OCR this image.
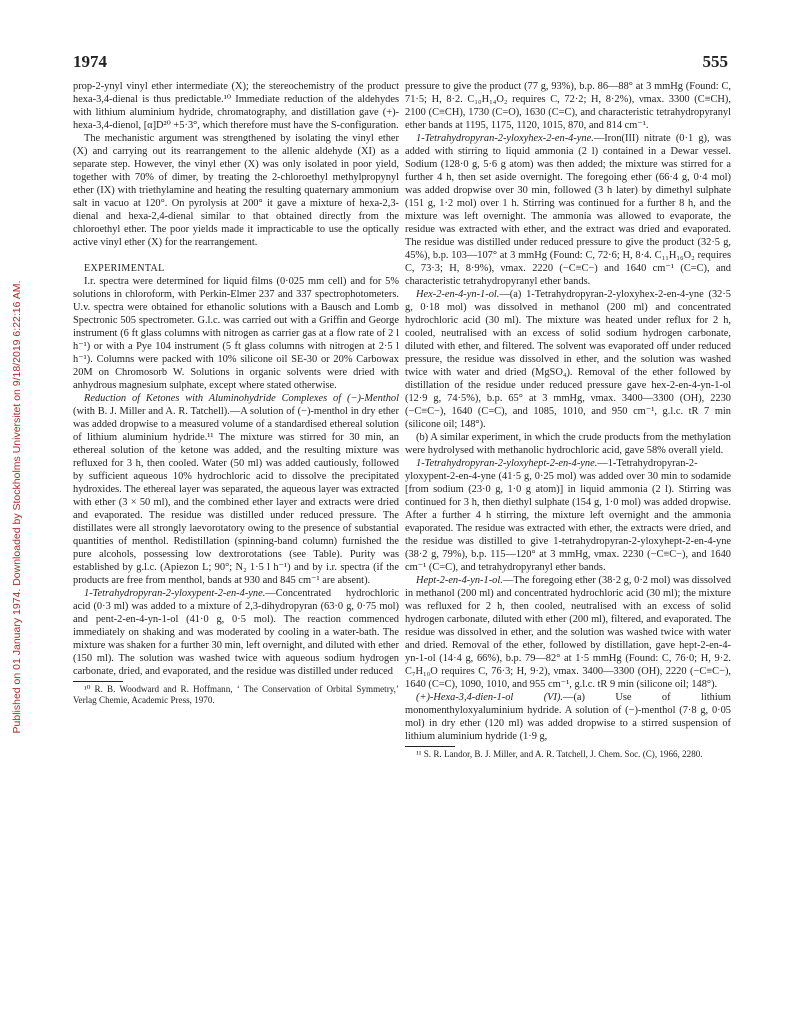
1974	555
Published on 01 January 1974. Downloaded by Stockholms Universitet on 9/18/2019 6:22:16 AM.

prop-2-ynyl vinyl ether intermediate (X); the stereochemistry of the product hexa-3,4-dienal is thus predictable.¹⁰ Immediate reduction of the aldehydes with lithium aluminium hydride, chromatography, and distillation gave (+)-hexa-3,4-dienol, [α]D²⁰ +5·3°, which therefore must have the S-configuration.

The mechanistic argument was strengthened by isolating the vinyl ether (X) and carrying out its rearrangement to the allenic aldehyde (XI) as a separate step. However, the vinyl ether (X) was only isolated in poor yield, together with 70% of dimer, by treating the 2-chloroethyl methylpropynyl ether (IX) with triethylamine and heating the resulting quaternary ammonium salt in vacuo at 120°. On pyrolysis at 200° it gave a mixture of hexa-2,3-dienal and hexa-2,4-dienal similar to that obtained directly from the chloroethyl ether. The poor yields made it impracticable to use the optically active vinyl ether (X) for the rearrangement.

EXPERIMENTAL

I.r. spectra were determined for liquid films (0·025 mm cell) and for 5% solutions in chloroform, with Perkin-Elmer 237 and 337 spectrophotometers. U.v. spectra were obtained for ethanolic solutions with a Bausch and Lomb Spectronic 505 spectrometer. G.l.c. was carried out with a Griffin and George instrument (6 ft glass columns with nitrogen as carrier gas at a flow rate of 2 l h⁻¹) or with a Pye 104 instrument (5 ft glass columns with nitrogen at 2·5 l h⁻¹). Columns were packed with 10% silicone oil SE-30 or 20% Carbowax 20M on Chromosorb W. Solutions in organic solvents were dried with anhydrous magnesium sulphate, except where stated otherwise.

Reduction of Ketones with Aluminohydride Complexes of (−)-Menthol (with B. J. Miller and A. R. Tatchell).—A solution of (−)-menthol in dry ether was added dropwise to a measured volume of a standardised ethereal solution of lithium aluminium hydride.¹¹ The mixture was stirred for 30 min, an ethereal solution of the ketone was added, and the resulting mixture was refluxed for 3 h, then cooled. Water (50 ml) was added cautiously, followed by sufficient aqueous 10% hydrochloric acid to dissolve the precipitated hydroxides. The ethereal layer was separated, the aqueous layer was extracted with ether (3 × 50 ml), and the combined ether layer and extracts were dried and evaporated. The residue was distilled under reduced pressure. The distillates were all strongly laevorotatory owing to the presence of substantial quantities of menthol. Redistillation (spinning-band column) furnished the pure alcohols, possessing low dextrorotations (see Table). Purity was established by g.l.c. (Apiezon L; 90°; N₂ 1·5 l h⁻¹) and by i.r. spectra (if the products are free from menthol, bands at 930 and 845 cm⁻¹ are absent).

1-Tetrahydropyran-2-yloxypent-2-en-4-yne.—Concentrated hydrochloric acid (0·3 ml) was added to a mixture of 2,3-dihydropyran (63·0 g, 0·75 mol) and pent-2-en-4-yn-1-ol (41·0 g, 0·5 mol). The reaction commenced immediately on shaking and was moderated by cooling in a water-bath. The mixture was shaken for a further 30 min, left overnight, and diluted with ether (150 ml). The solution was washed twice with aqueous sodium hydrogen carbonate, dried, and evaporated, and the residue was distilled under reduced

¹⁰ R. B. Woodward and R. Hoffmann, ‘ The Conservation of Orbital Symmetry,’ Verlag Chemie, Academic Press, 1970.

pressure to give the product (77 g, 93%), b.p. 86—88° at 3 mmHg (Found: C, 71·5; H, 8·2. C₁₀H₁₄O₂ requires C, 72·2; H, 8·2%), νmax. 3300 (C≡CH), 2100 (C≡CH), 1730 (C=O), 1630 (C=C), and characteristic tetrahydropyranyl ether bands at 1195, 1175, 1120, 1015, 870, and 814 cm⁻¹.

1-Tetrahydropyran-2-yloxyhex-2-en-4-yne.—Iron(III) nitrate (0·1 g), was added with stirring to liquid ammonia (2 l) contained in a Dewar vessel. Sodium (128·0 g, 5·6 g atom) was then added; the mixture was stirred for a further 4 h, then set aside overnight. The foregoing ether (66·4 g, 0·4 mol) was added dropwise over 30 min, followed (3 h later) by dimethyl sulphate (151 g, 1·2 mol) over 1 h. Stirring was continued for a further 8 h, and the mixture was left overnight. The ammonia was allowed to evaporate, the residue was extracted with ether, and the extract was dried and evaporated. The residue was distilled under reduced pressure to give the product (32·5 g, 45%), b.p. 103—107° at 3 mmHg (Found: C, 72·6; H, 8·4. C₁₁H₁₆O₂ requires C, 73·3; H, 8·9%), νmax. 2220 (−C≡C−) and 1640 cm⁻¹ (C=C), and characteristic tetrahydropyranyl ether bands.

Hex-2-en-4-yn-1-ol.—(a) 1-Tetrahydropyran-2-yloxyhex-2-en-4-yne (32·5 g, 0·18 mol) was dissolved in methanol (200 ml) and concentrated hydrochloric acid (30 ml). The mixture was heated under reflux for 2 h, cooled, neutralised with an excess of solid sodium hydrogen carbonate, diluted with ether, and filtered. The solvent was evaporated off under reduced pressure, the residue was dissolved in ether, and the solution was washed twice with water and dried (MgSO₄). Removal of the ether followed by distillation of the residue under reduced pressure gave hex-2-en-4-yn-1-ol (12·9 g, 74·5%), b.p. 65° at 3 mmHg, νmax. 3400—3300 (OH), 2230 (−C≡C−), 1640 (C=C), and 1085, 1010, and 950 cm⁻¹, g.l.c. tR 7 min (silicone oil; 148°).

(b) A similar experiment, in which the crude products from the methylation were hydrolysed with methanolic hydrochloric acid, gave 58% overall yield.

1-Tetrahydropyran-2-yloxyhept-2-en-4-yne.—1-Tetrahydropyran-2-yloxypent-2-en-4-yne (41·5 g, 0·25 mol) was added over 30 min to sodamide [from sodium (23·0 g, 1·0 g atom)] in liquid ammonia (2 l). Stirring was continued for 3 h, then diethyl sulphate (154 g, 1·0 mol) was added dropwise. After a further 4 h stirring, the mixture left overnight and the ammonia evaporated. The residue was extracted with ether, the extracts were dried, and the residue was distilled to give 1-tetrahydropyran-2-yloxyhept-2-en-4-yne (38·2 g, 79%), b.p. 115—120° at 3 mmHg, νmax. 2230 (−C≡C−), and 1640 cm⁻¹ (C=C), and tetrahydropyranyl ether bands.

Hept-2-en-4-yn-1-ol.—The foregoing ether (38·2 g, 0·2 mol) was dissolved in methanol (200 ml) and concentrated hydrochloric acid (30 ml); the mixture was refluxed for 2 h, then cooled, neutralised with an excess of solid hydrogen carbonate, diluted with ether (200 ml), filtered, and evaporated. The residue was dissolved in ether, and the solution was washed twice with water and dried. Removal of the ether, followed by distillation, gave hept-2-en-4-yn-1-ol (14·4 g, 66%), b.p. 79—82° at 1·5 mmHg (Found: C, 76·0; H, 9·2. C₇H₁₀O requires C, 76·3; H, 9·2), νmax. 3400—3300 (OH), 2220 (−C≡C−), 1640 (C=C), 1090, 1010, and 955 cm⁻¹, g.l.c. tR 9 min (silicone oil; 148°).

(+)-Hexa-3,4-dien-1-ol (VI).—(a) Use of lithium monomenthyloxyaluminium hydride. A solution of (−)-menthol (7·8 g, 0·05 mol) in dry ether (120 ml) was added dropwise to a stirred suspension of lithium aluminium hydride (1·9 g,

¹¹ S. R. Landor, B. J. Miller, and A. R. Tatchell, J. Chem. Soc. (C), 1966, 2280.
